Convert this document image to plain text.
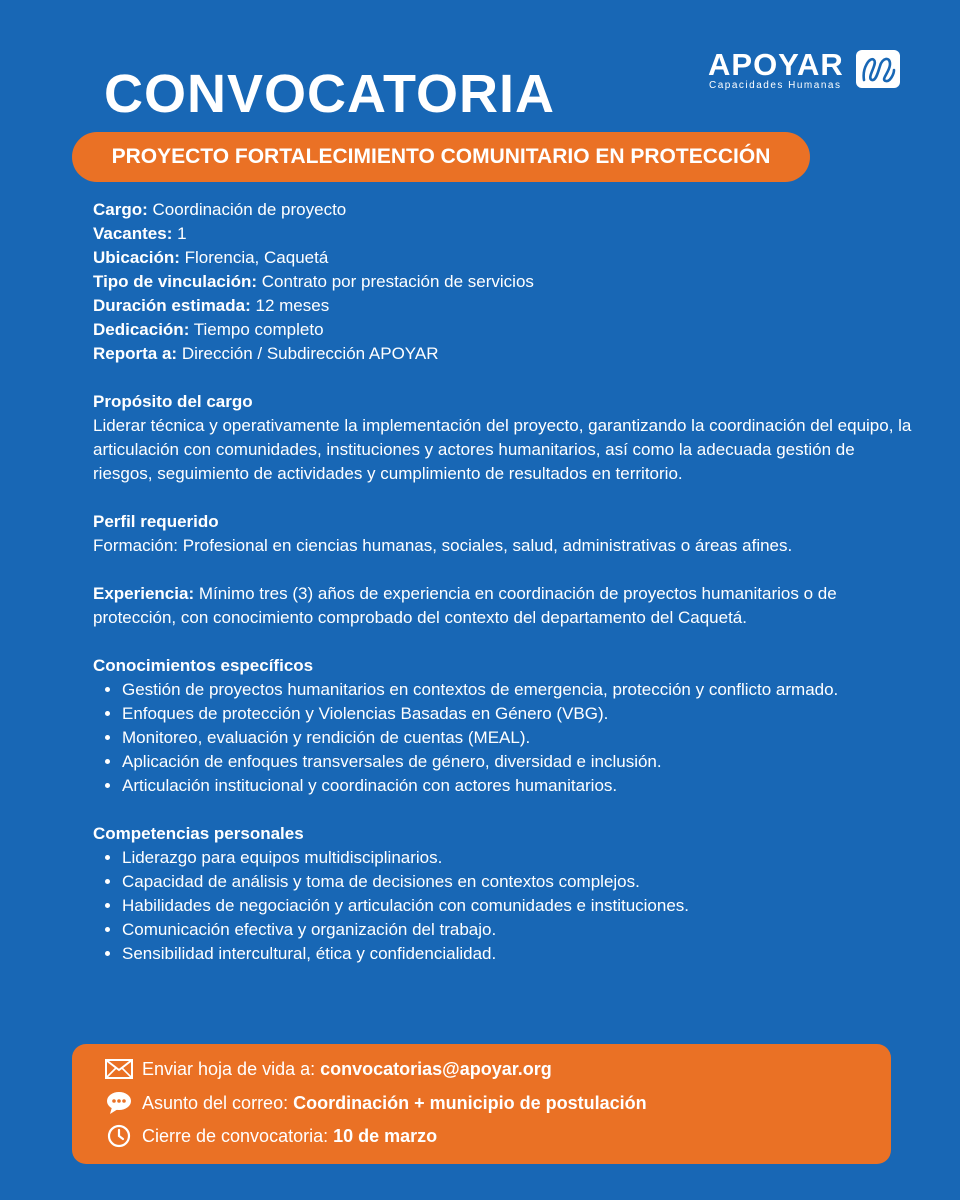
CONVOCATORIA	APOYAR
Capacidades Humanas
PROYECTO FORTALECIMIENTO COMUNITARIO EN PROTECCIÓN

Cargo: Coordinación de proyecto

Vacantes: 1

Ubicación: Florencia, Caquetá

Tipo de vinculación: Contrato por prestación de servicios

Duración estimada: 12 meses

Dedicación: Tiempo completo

Reporta a: Dirección / Subdirección APOYAR

Propósito del cargo

Liderar técnica y operativamente la implementación del proyecto, garantizando la coordinación del equipo, la articulación con comunidades, instituciones y actores humanitarios, así como la adecuada gestión de riesgos, seguimiento de actividades y cumplimiento de resultados en territorio.

Perfil requerido

Formación: Profesional en ciencias humanas, sociales, salud, administrativas o áreas afines.

Experiencia: Mínimo tres (3) años de experiencia en coordinación de proyectos humanitarios o de protección, con conocimiento comprobado del contexto del departamento del Caquetá.

Conocimientos específicos

• Gestión de proyectos humanitarios en contextos de emergencia, protección y conflicto armado.
• Enfoques de protección y Violencias Basadas en Género (VBG).
• Monitoreo, evaluación y rendición de cuentas (MEAL).
• Aplicación de enfoques transversales de género, diversidad e inclusión.
• Articulación institucional y coordinación con actores humanitarios.

Competencias personales

• Liderazgo para equipos multidisciplinarios.
• Capacidad de análisis y toma de decisiones en contextos complejos.
• Habilidades de negociación y articulación con comunidades e instituciones.
• Comunicación efectiva y organización del trabajo.
• Sensibilidad intercultural, ética y confidencialidad.
Enviar hoja de vida a: convocatorias@apoyar.org
Asunto del correo: Coordinación + municipio de postulación
Cierre de convocatoria: 10 de marzo
